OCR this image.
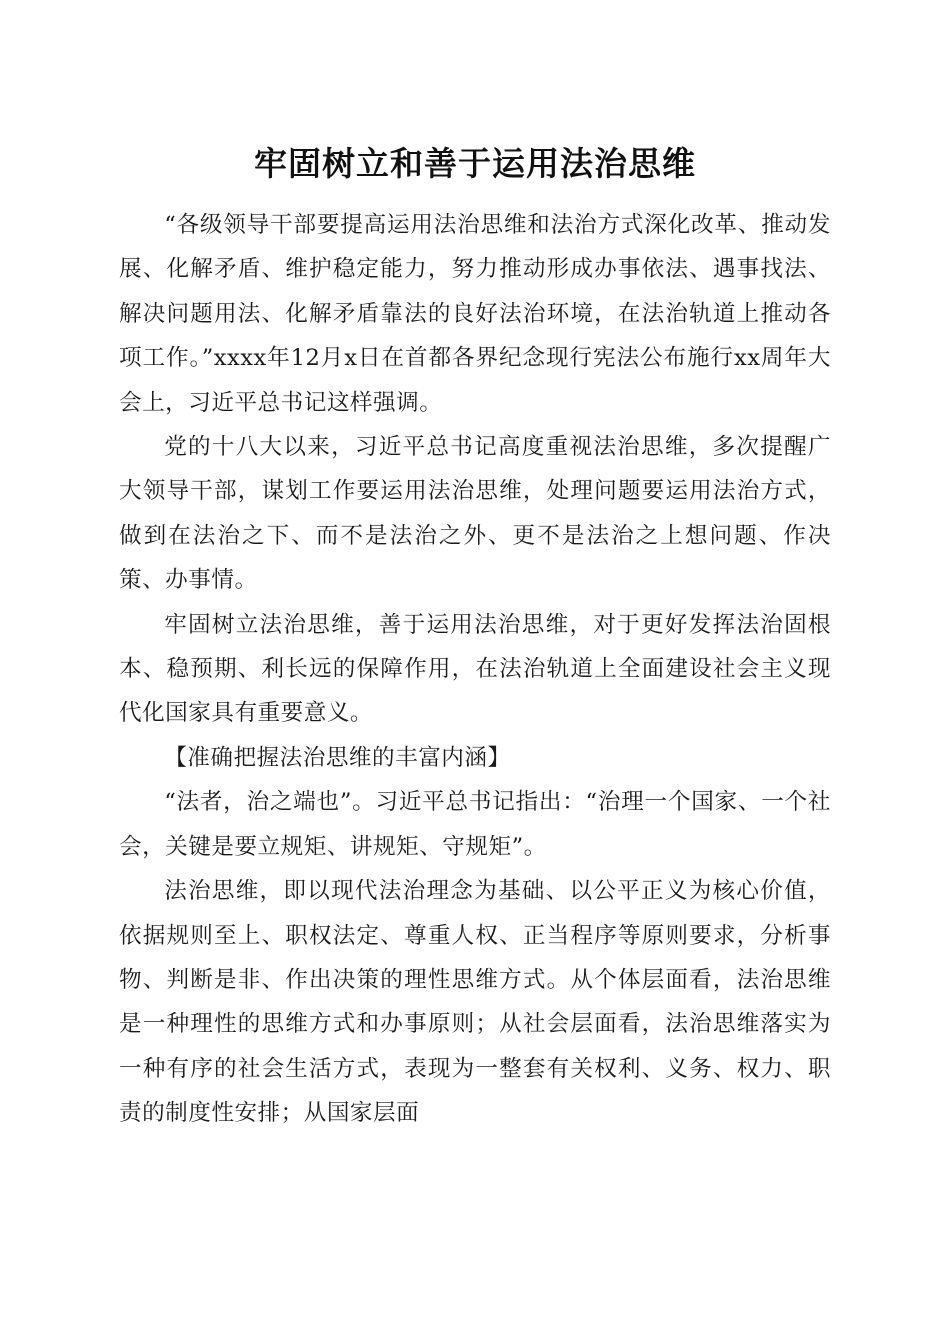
牢固树立和善于运用法治思维

“各级领导干部要提高运用法治思维和法治方式深化改革、推动发展、化解矛盾、维护稳定能力，努力推动形成办事依法、遇事找法、解决问题用法、化解矛盾靠法的良好法治环境，在法治轨道上推动各项工作。”xxxx年12月x日在首都各界纪念现行宪法公布施行xx周年大会上，习近平总书记这样强调。

党的十八大以来，习近平总书记高度重视法治思维，多次提醒广大领导干部，谋划工作要运用法治思维，处理问题要运用法治方式，做到在法治之下、而不是法治之外、更不是法治之上想问题、作决策、办事情。

牢固树立法治思维，善于运用法治思维，对于更好发挥法治固根本、稳预期、利长远的保障作用，在法治轨道上全面建设社会主义现代化国家具有重要意义。

【准确把握法治思维的丰富内涵】

“法者，治之端也”。习近平总书记指出：“治理一个国家、一个社会，关键是要立规矩、讲规矩、守规矩”。

法治思维，即以现代法治理念为基础、以公平正义为核心价值，依据规则至上、职权法定、尊重人权、正当程序等原则要求，分析事物、判断是非、作出决策的理性思维方式。从个体层面看，法治思维是一种理性的思维方式和办事原则；从社会层面看，法治思维落实为一种有序的社会生活方式，表现为一整套有关权利、义务、权力、职责的制度性安排；从国家层面
